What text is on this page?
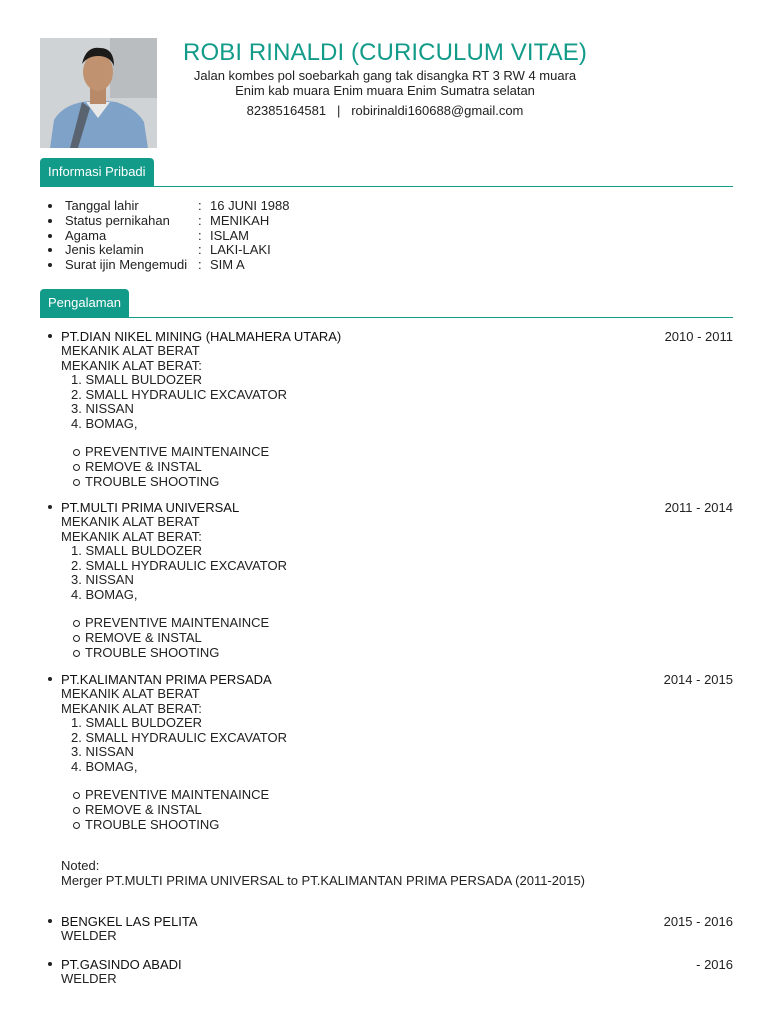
ROBI RINALDI (CURICULUM VITAE)
Jalan kombes pol soebarkah gang tak disangka RT 3 RW 4 muara
Enim kab muara Enim muara Enim Sumatra selatan
82385164581 | robirinaldi160688@gmail.com
Informasi Pribadi
Tanggal lahir	: 16 JUNI 1988
Status pernikahan	: MENIKAH
Agama	: ISLAM
Jenis kelamin	: LAKI-LAKI
Surat ijin Mengemudi : SIM A
Pengalaman
PT.DIAN NIKEL MINING (HALMAHERA UTARA)	2010 - 2011
MEKANIK ALAT BERAT
MEKANIK ALAT BERAT:
1. SMALL BULDOZER
2. SMALL HYDRAULIC EXCAVATOR
3. NISSAN
4. BOMAG,
PREVENTIVE MAINTENAINCE
REMOVE & INSTAL
TROUBLE SHOOTING
PT.MULTI PRIMA UNIVERSAL	2011 - 2014
MEKANIK ALAT BERAT
MEKANIK ALAT BERAT:
1. SMALL BULDOZER
2. SMALL HYDRAULIC EXCAVATOR
3. NISSAN
4. BOMAG,
PREVENTIVE MAINTENAINCE
REMOVE & INSTAL
TROUBLE SHOOTING
PT.KALIMANTAN PRIMA PERSADA	2014 - 2015
MEKANIK ALAT BERAT
MEKANIK ALAT BERAT:
1. SMALL BULDOZER
2. SMALL HYDRAULIC EXCAVATOR
3. NISSAN
4. BOMAG,
PREVENTIVE MAINTENAINCE
REMOVE & INSTAL
TROUBLE SHOOTING
Noted:
Merger PT.MULTI PRIMA UNIVERSAL to PT.KALIMANTAN PRIMA PERSADA (2011-2015)
BENGKEL LAS PELITA	2015 - 2016
WELDER
PT.GASINDO ABADI	- 2016
WELDER
